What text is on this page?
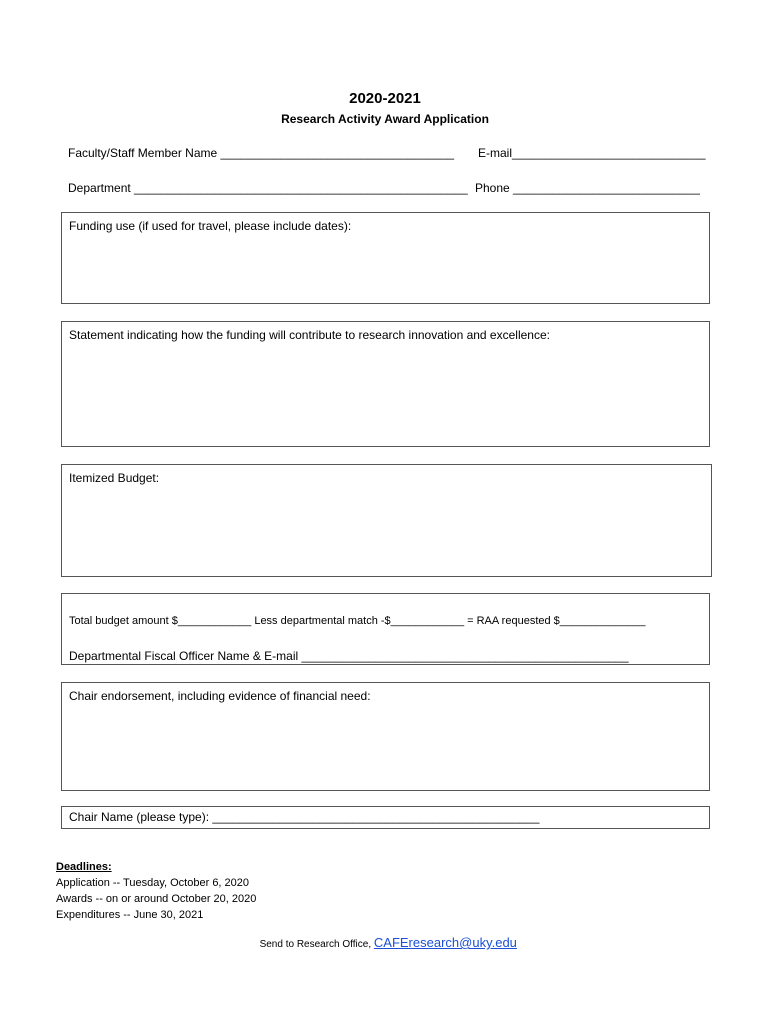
2020-2021
Research Activity Award Application
Faculty/Staff Member Name ___________________________________ E-mail_____________________________
Department __________________________________________________ Phone ____________________________
Funding use (if used for travel, please include dates):
Statement indicating how the funding will contribute to research innovation and excellence:
Itemized Budget:
Total budget amount $____________ Less departmental match -$____________ = RAA requested $______________
Departmental Fiscal Officer Name & E-mail _________________________________________________
Chair endorsement, including evidence of financial need:
Chair Name (please type): _________________________________________________
Deadlines:
Application -- Tuesday, October 6, 2020
Awards -- on or around October 20, 2020
Expenditures -- June 30, 2021

Send to Research Office, CAFEresearch@uky.edu
